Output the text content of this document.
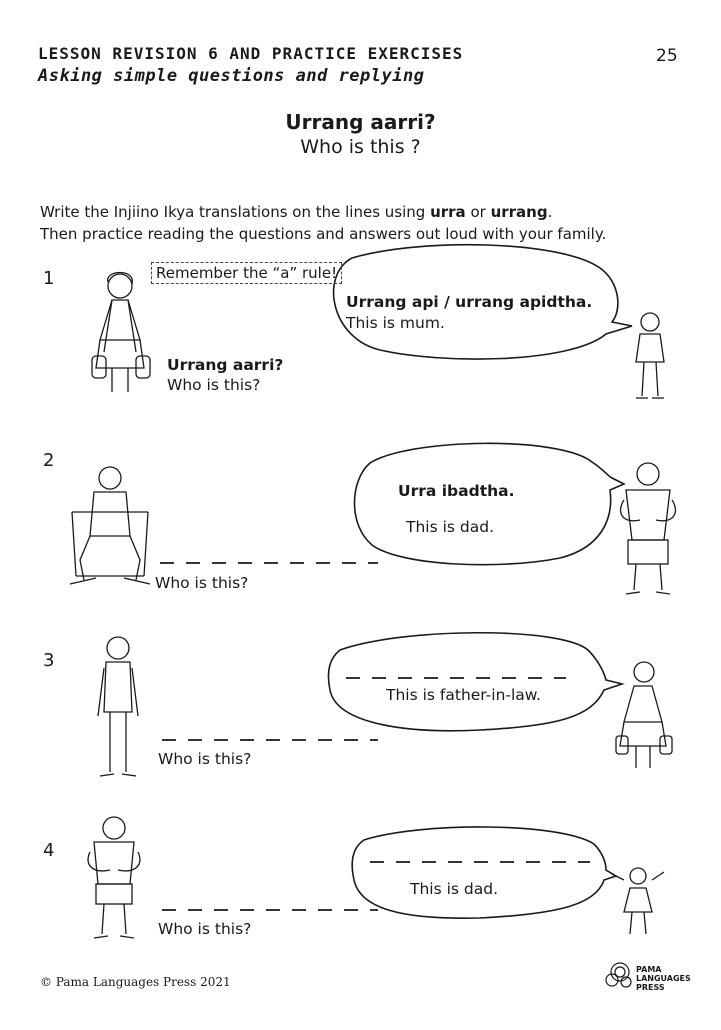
LESSON REVISION 6 AND PRACTICE EXERCISES
Asking simple questions and replying
25
Urrang aarri?
Who is this ?
Write the Injiino Ikya translations on the lines using urra or urrang.
Then practice reading the questions and answers out loud with your family.
Remember the “a” rule!
1
Urrang aarri?
Who is this?
Urrang api / urrang apidtha.
This is mum.
2
Urra ibadtha.
This is dad.
Who is this?
3
This is father-in-law.
Who is this?
4
This is dad.
Who is this?
© Pama Languages Press 2021
PAMA
LANGUAGES
PRESS
